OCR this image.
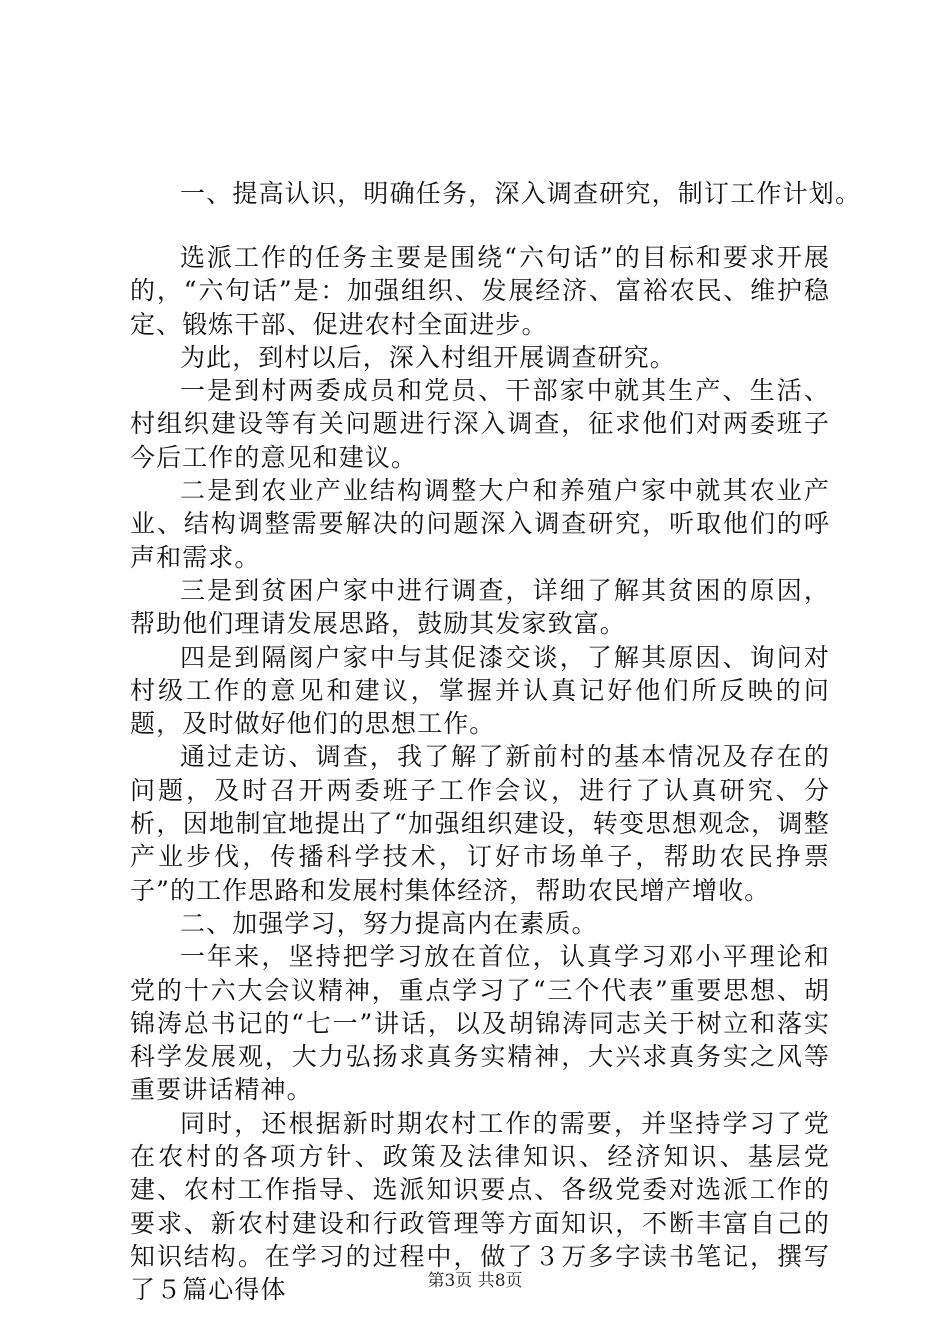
一、提高认识，明确任务，深入调查研究，制订工作计划。

选派工作的任务主要是围绕“六句话”的目标和要求开展的，“六句话”是：加强组织、发展经济、富裕农民、维护稳定、锻炼干部、促进农村全面进步。

为此，到村以后，深入村组开展调查研究。

一是到村两委成员和党员、干部家中就其生产、生活、村组织建设等有关问题进行深入调查，征求他们对两委班子今后工作的意见和建议。

二是到农业产业结构调整大户和养殖户家中就其农业产业、结构调整需要解决的问题深入调查研究，听取他们的呼声和需求。

三是到贫困户家中进行调查，详细了解其贫困的原因，帮助他们理请发展思路，鼓励其发家致富。

四是到隔阂户家中与其促漆交谈，了解其原因、询问对村级工作的意见和建议，掌握并认真记好他们所反映的问题，及时做好他们的思想工作。

通过走访、调查，我了解了新前村的基本情况及存在的问题，及时召开两委班子工作会议，进行了认真研究、分析，因地制宜地提出了“加强组织建设，转变思想观念，调整产业步伐，传播科学技术，订好市场单子，帮助农民挣票子”的工作思路和发展村集体经济，帮助农民增产增收。

二、加强学习，努力提高内在素质。

一年来，坚持把学习放在首位，认真学习邓小平理论和党的十六大会议精神，重点学习了“三个代表”重要思想、胡锦涛总书记的“七一”讲话，以及胡锦涛同志关于树立和落实科学发展观，大力弘扬求真务实精神，大兴求真务实之风等重要讲话精神。

同时，还根据新时期农村工作的需要，并坚持学习了党在农村的各项方针、政策及法律知识、经济知识、基层党建、农村工作指导、选派知识要点、各级党委对选派工作的要求、新农村建设和行政管理等方面知识，不断丰富自己的知识结构。在学习的过程中，做了３万多字读书笔记，撰写了５篇心得体	第3页 共8页
